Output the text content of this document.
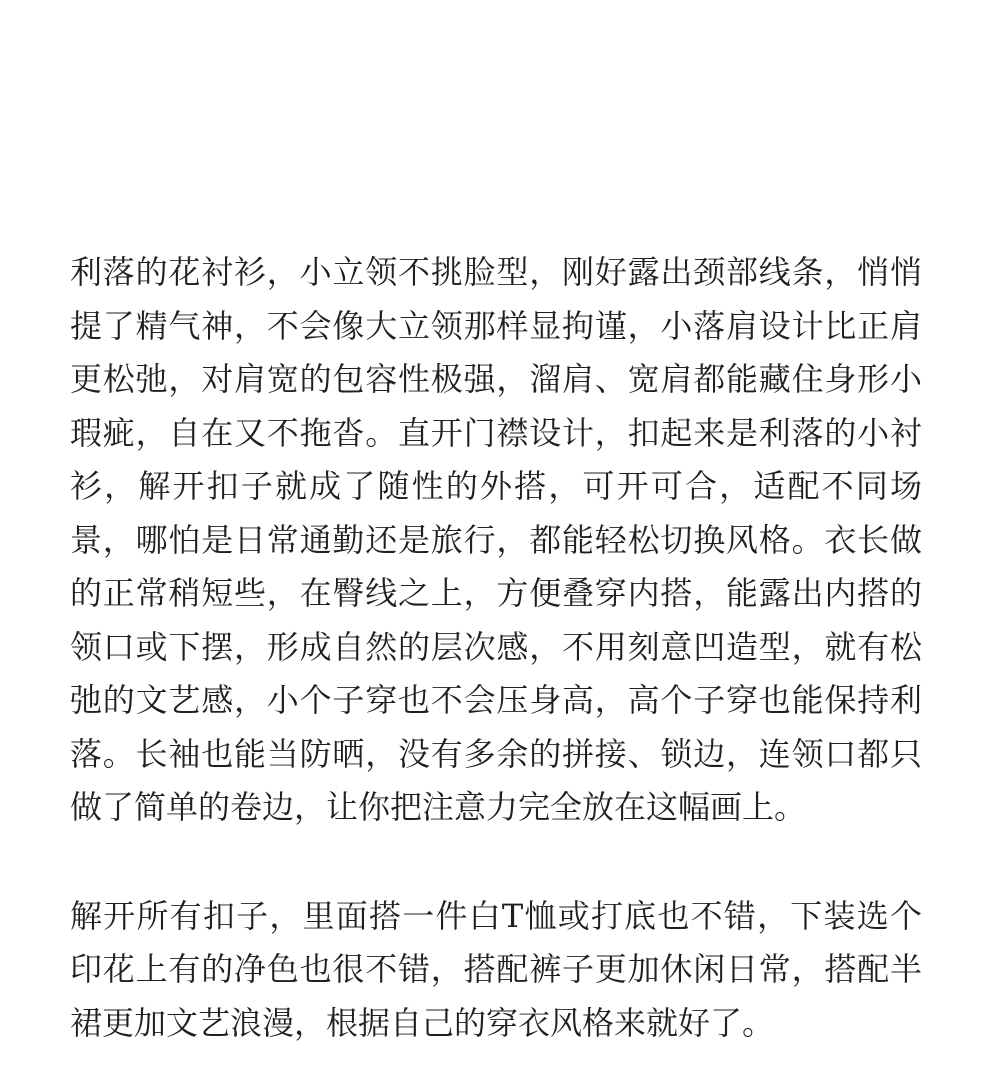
利落的花衬衫，小立领不挑脸型，刚好露出颈部线条，悄悄提了精气神，不会像大立领那样显拘谨，小落肩设计比正肩更松弛，对肩宽的包容性极强，溜肩、宽肩都能藏住身形小瑕疵，自在又不拖沓。直开门襟设计，扣起来是利落的小衬衫，解开扣子就成了随性的外搭，可开可合，适配不同场景，哪怕是日常通勤还是旅行，都能轻松切换风格。衣长做的正常稍短些，在臀线之上，方便叠穿内搭，能露出内搭的领口或下摆，形成自然的层次感，不用刻意凹造型，就有松弛的文艺感，小个子穿也不会压身高，高个子穿也能保持利落。长袖也能当防晒，没有多余的拼接、锁边，连领口都只做了简单的卷边，让你把注意力完全放在这幅画上。

解开所有扣子，里面搭一件白T恤或打底也不错，下装选个印花上有的净色也很不错，搭配裤子更加休闲日常，搭配半裙更加文艺浪漫，根据自己的穿衣风格来就好了。
